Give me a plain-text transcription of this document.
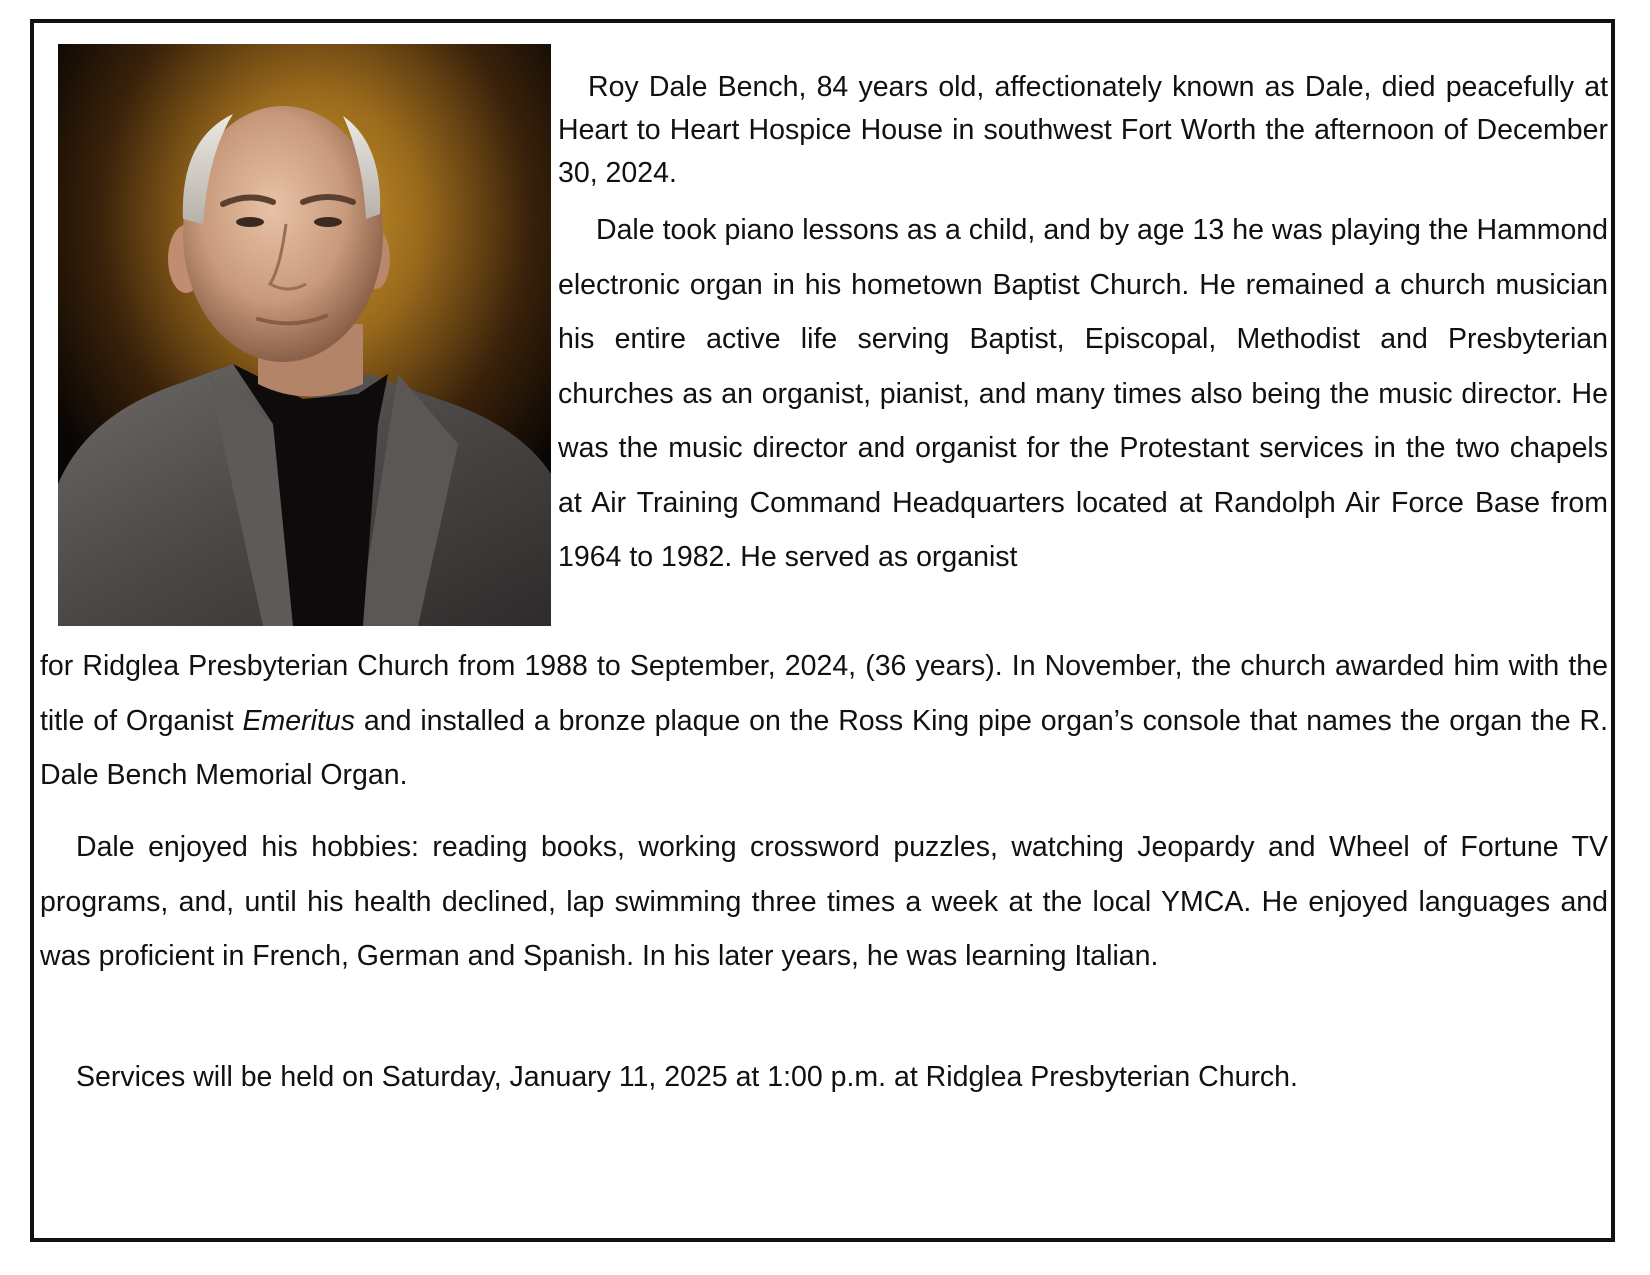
Roy Dale Bench, 84 years old, affectionately known as Dale, died peacefully at Heart to Heart Hospice House in southwest Fort Worth the afternoon of December 30, 2024.
Dale took piano lessons as a child, and by age 13 he was playing the Hammond electronic organ in his hometown Baptist Church. He remained a church musician his entire active life serving Baptist, Episcopal, Methodist and Presbyterian churches as an organist, pianist, and many times also being the music director. He was the music director and organist for the Protestant services in the two chapels at Air Training Command Headquarters located at Randolph Air Force Base from 1964 to 1982. He served as organist
for Ridglea Presbyterian Church from 1988 to September, 2024, (36 years). In November, the church awarded him with the title of Organist Emeritus and installed a bronze plaque on the Ross King pipe organ’s console that names the organ the R. Dale Bench Memorial Organ.
Dale enjoyed his hobbies: reading books, working crossword puzzles, watching Jeopardy and Wheel of Fortune TV programs, and, until his health declined, lap swimming three times a week at the local YMCA. He enjoyed languages and was proficient in French, German and Spanish. In his later years, he was learning Italian.
Services will be held on Saturday, January 11, 2025 at 1:00 p.m. at Ridglea Presbyterian Church.
